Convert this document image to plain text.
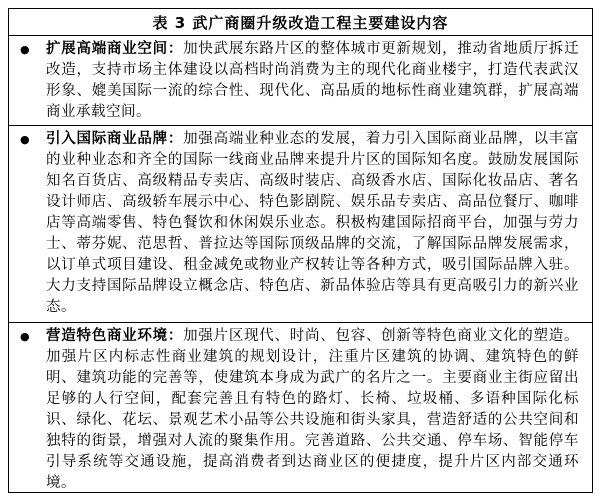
表 3 武广商圈升级改造工程主要建设内容
●	扩展高端商业空间：加快武展东路片区的整体城市更新规划，推动省地质厅拆迁改造，支持市场主体建设以高档时尚消费为主的现代化商业楼宇，打造代表武汉形象、媲美国际一流的综合性、现代化、高品质的地标性商业建筑群，扩展高端商业承载空间。
●	引入国际商业品牌：加强高端业种业态的发展，着力引入国际商业品牌，以丰富的业种业态和齐全的国际一线商业品牌来提升片区的国际知名度。鼓励发展国际知名百货店、高级精品专卖店、高级时装店、高级香水店、国际化妆品店、著名设计师店、高级轿车展示中心、特色影剧院、娱乐品专卖店、高品位餐厅、咖啡店等高端零售、特色餐饮和休闲娱乐业态。积极构建国际招商平台，加强与劳力士、蒂芬妮、范思哲、普拉达等国际顶级品牌的交流，了解国际品牌发展需求，以订单式项目建设、租金减免或物业产权转让等各种方式，吸引国际品牌入驻。大力支持国际品牌设立概念店、特色店、新品体验店等具有更高吸引力的新兴业态。
●	营造特色商业环境：加强片区现代、时尚、包容、创新等特色商业文化的塑造。加强片区内标志性商业建筑的规划设计，注重片区建筑的协调、建筑特色的鲜明、建筑功能的完善等，使建筑本身成为武广的名片之一。主要商业主街应留出足够的人行空间，配套完善且有特色的路灯、长椅、垃圾桶、多语种国际化标识、绿化、花坛、景观艺术小品等公共设施和街头家具，营造舒适的公共空间和独特的街景，增强对人流的聚集作用。完善道路、公共交通、停车场、智能停车引导系统等交通设施，提高消费者到达商业区的便捷度，提升片区内部交通环境。
